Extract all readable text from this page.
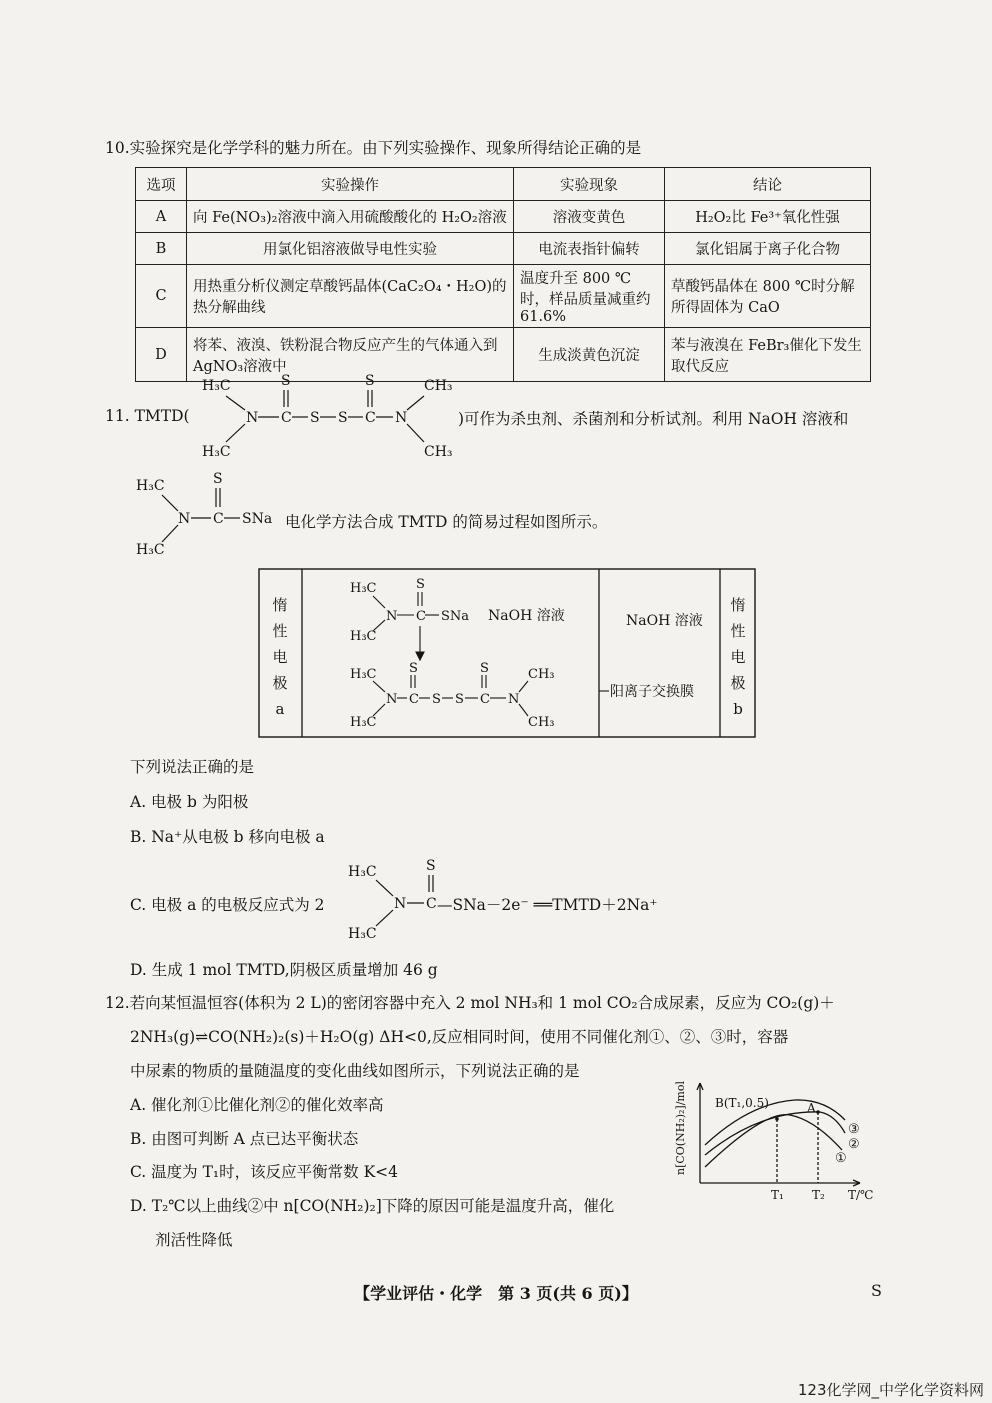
10.实验探究是化学学科的魅力所在。由下列实验操作、现象所得结论正确的是
选项	实验操作	实验现象	结论
A	向 Fe(NO₃)₂溶液中滴入用硫酸酸化的 H₂O₂溶液	溶液变黄色	H₂O₂比 Fe³⁺氧化性强
B	用氯化铝溶液做导电性实验	电流表指针偏转	氯化铝属于离子化合物
C	用热重分析仪测定草酸钙晶体(CaC₂O₄・H₂O)的热分解曲线	温度升至 800 ℃时，样品质量减重约 61.6%	草酸钙晶体在 800 ℃时分解所得固体为 CaO
D	将苯、液溴、铁粉混合物反应产生的气体通入到 AgNO₃溶液中	生成淡黄色沉淀	苯与液溴在 FeBr₃催化下发生取代反应
11. TMTD(
H₃C
H₃C
N C
S
S S C
S
N
CH₃
CH₃
)可作为杀虫剂、杀菌剂和分析试剂。利用 NaOH 溶液和
H₃C
H₃C
N C
S
SNa 电化学方法合成 TMTD 的简易过程如图所示。
惰
性
电
极
a
惰
性
电
极
b
H₃C
H₃C
N C
S
SNa NaOH 溶液	NaOH 溶液
H₃C
H₃C
N C
S
S S C
S
N
CH₃
CH₃
阳离子交换膜
下列说法正确的是
A. 电极 b 为阳极
B. Na⁺从电极 b 移向电极 a
C. 电极 a 的电极反应式为 2
H₃C
H₃C
N C
S
—SNa－2e⁻ ══TMTD＋2Na⁺
D. 生成 1 mol TMTD,阴极区质量增加 46 g
12.若向某恒温恒容(体积为 2 L)的密闭容器中充入 2 mol NH₃和 1 mol CO₂合成尿素，反应为 CO₂(g)＋
2NH₃(g)⇌CO(NH₂)₂(s)＋H₂O(g) ΔH<0,反应相同时间，使用不同催化剂①、②、③时，容器
中尿素的物质的量随温度的变化曲线如图所示，下列说法正确的是
A. 催化剂①比催化剂②的催化效率高
B. 由图可判断 A 点已达平衡状态
C. 温度为 T₁时，该反应平衡常数 K<4
D. T₂℃以上曲线②中 n[CO(NH₂)₂]下降的原因可能是温度升高，催化
剂活性降低
n[CO(NH₂)₂]/mol
T/℃
B(T₁,0.5)	A
T₁ T₂
③
②
①
【学业评估・化学　第 3 页(共 6 页)】	S
123化学网_中学化学资料网
